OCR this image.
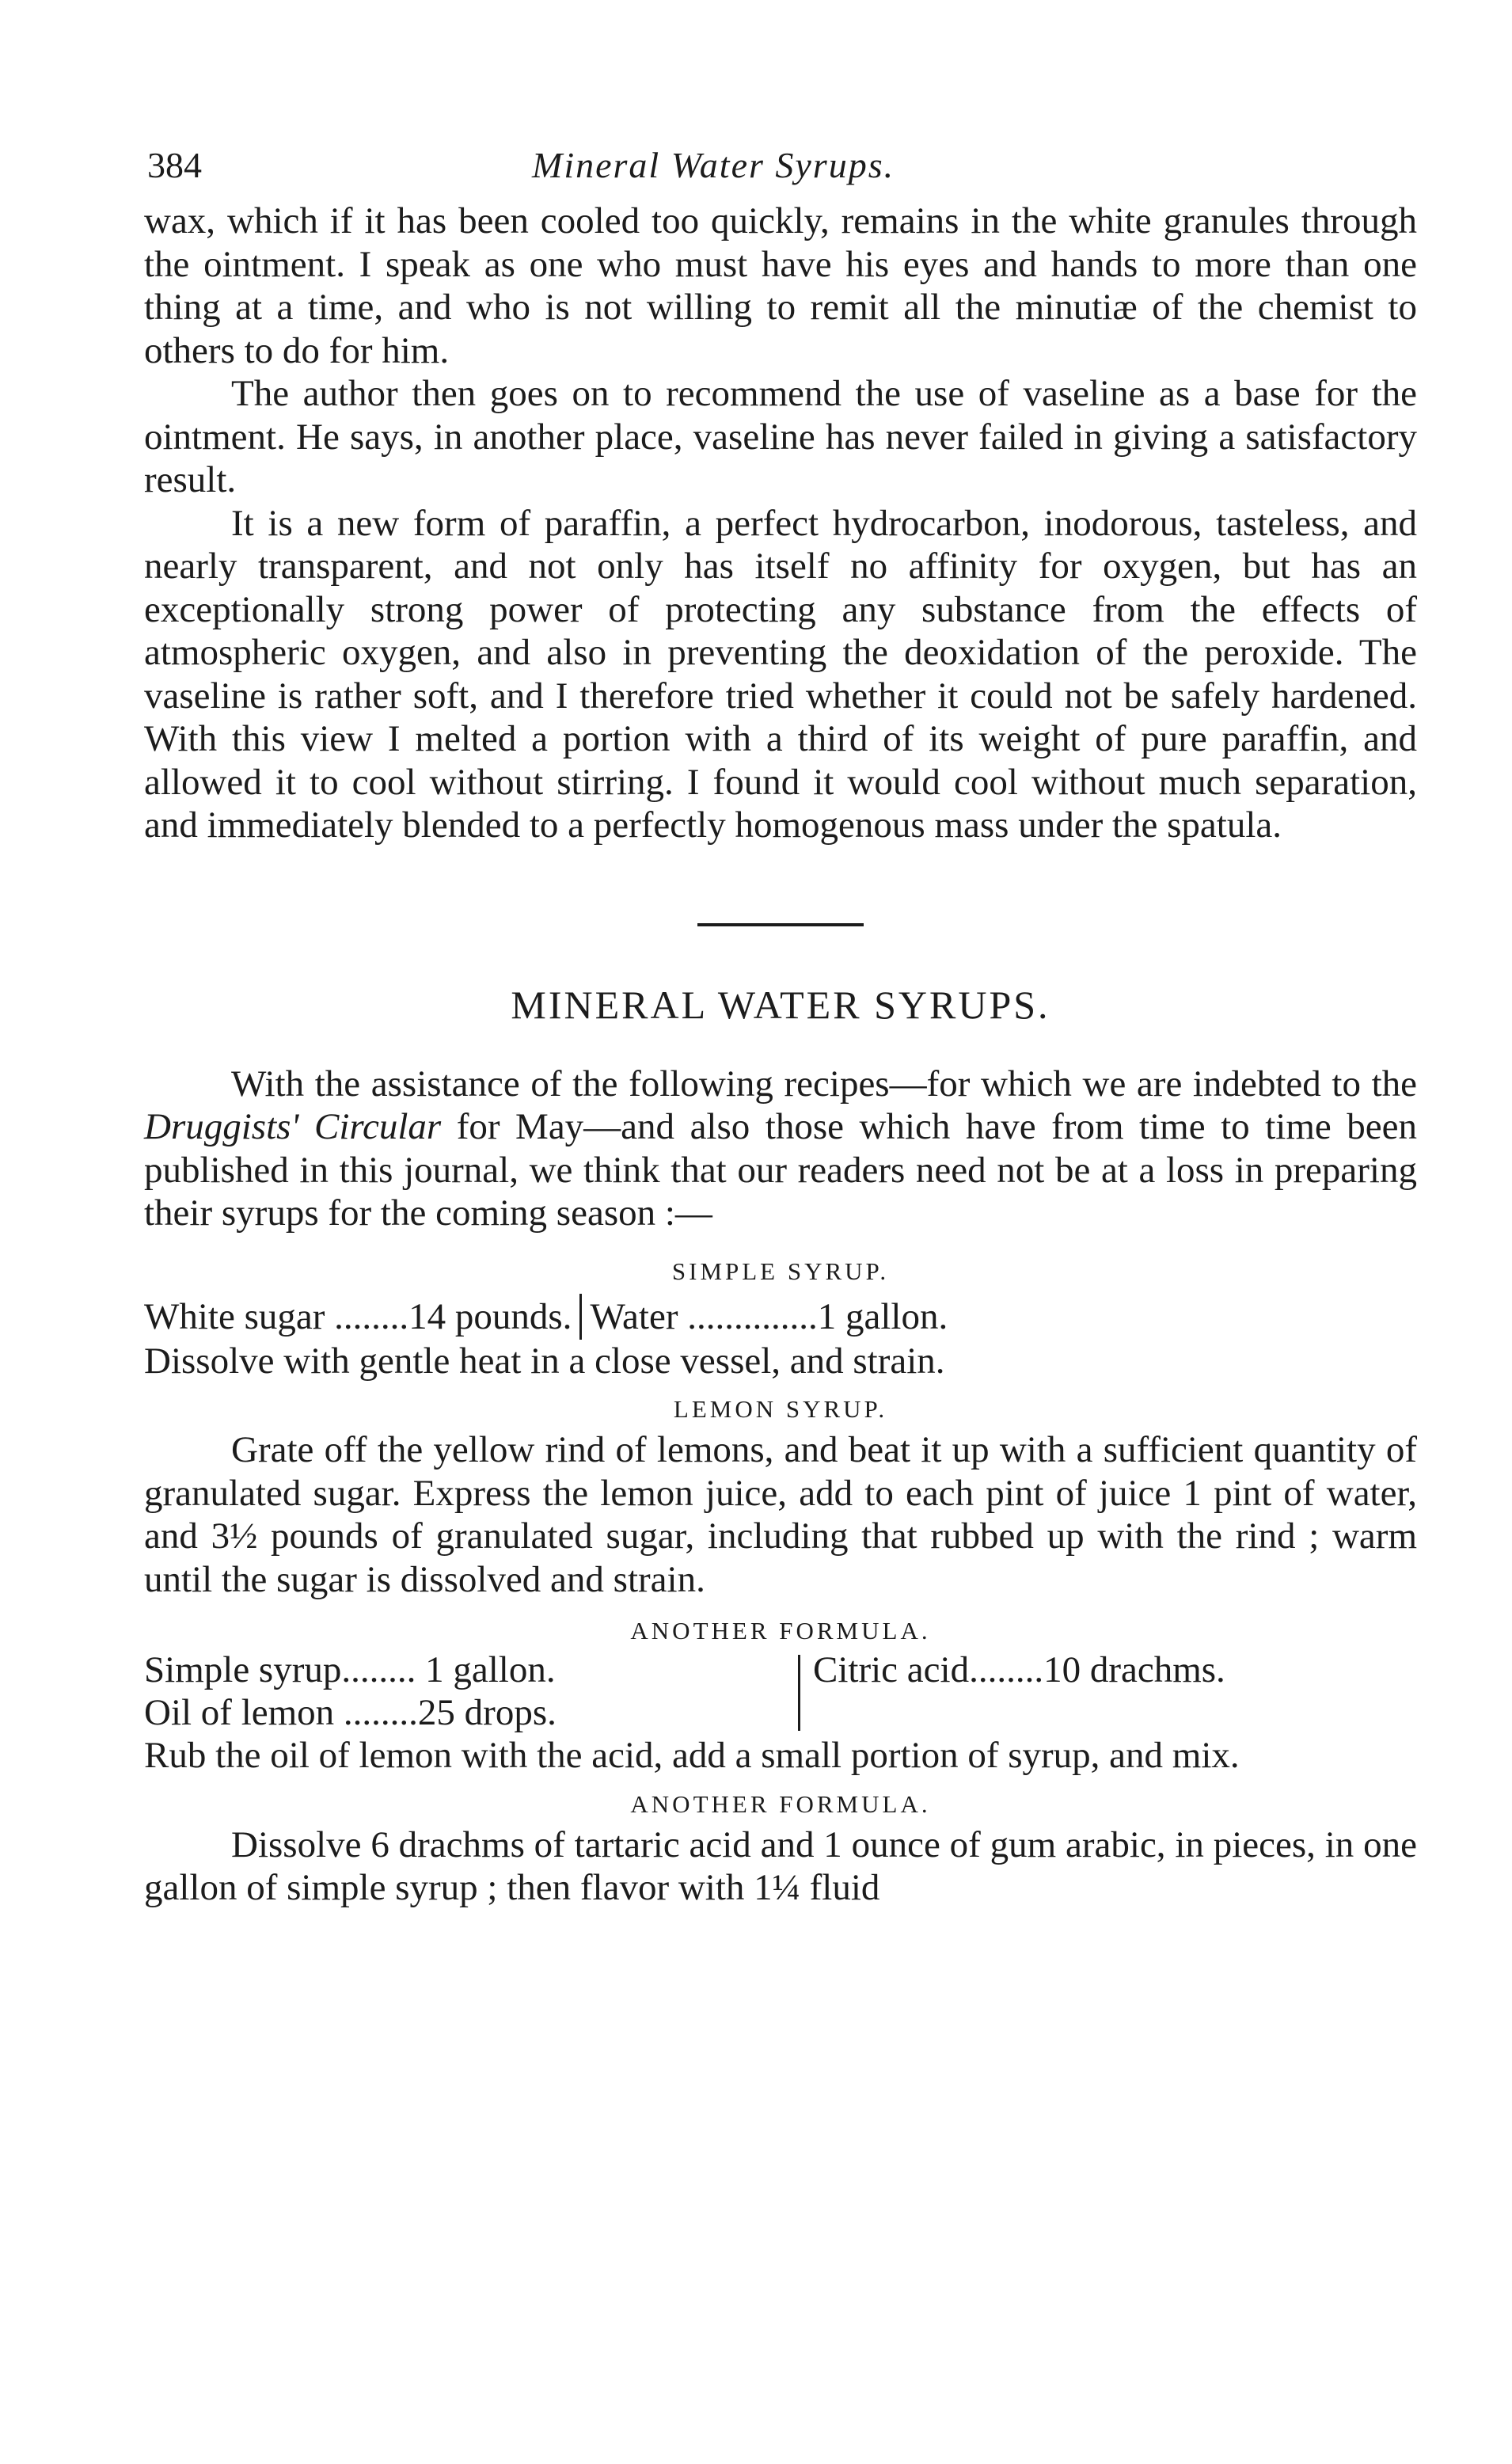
384	Mineral Water Syrups.

wax, which if it has been cooled too quickly, remains in the white granules through the ointment. I speak as one who must have his eyes and hands to more than one thing at a time, and who is not willing to remit all the minutiæ of the chemist to others to do for him.

The author then goes on to recommend the use of vaseline as a base for the ointment. He says, in another place, vaseline has never failed in giving a satisfactory result.

It is a new form of paraffin, a perfect hydrocarbon, inodorous, tasteless, and nearly transparent, and not only has itself no affinity for oxygen, but has an exceptionally strong power of protecting any substance from the effects of atmospheric oxygen, and also in preventing the deoxidation of the peroxide. The vaseline is rather soft, and I therefore tried whether it could not be safely hardened. With this view I melted a portion with a third of its weight of pure paraffin, and allowed it to cool without stirring. I found it would cool without much separation, and immediately blended to a perfectly homogenous mass under the spatula.

MINERAL WATER SYRUPS.

With the assistance of the following recipes—for which we are indebted to the Druggists' Circular for May—and also those which have from time to time been published in this journal, we think that our readers need not be at a loss in preparing their syrups for the coming season :—

SIMPLE SYRUP.

White sugar ........14 pounds. Water ..............1 gallon.

Dissolve with gentle heat in a close vessel, and strain.

LEMON SYRUP.

Grate off the yellow rind of lemons, and beat it up with a sufficient quantity of granulated sugar. Express the lemon juice, add to each pint of juice 1 pint of water, and 3½ pounds of granulated sugar, including that rubbed up with the rind ; warm until the sugar is dissolved and strain.

ANOTHER FORMULA.

Simple syrup........ 1 gallon.
Oil of lemon ........25 drops.
Citric acid........10 drachms.

Rub the oil of lemon with the acid, add a small portion of syrup, and mix.

ANOTHER FORMULA.

Dissolve 6 drachms of tartaric acid and 1 ounce of gum arabic, in pieces, in one gallon of simple syrup ; then flavor with 1¼ fluid
